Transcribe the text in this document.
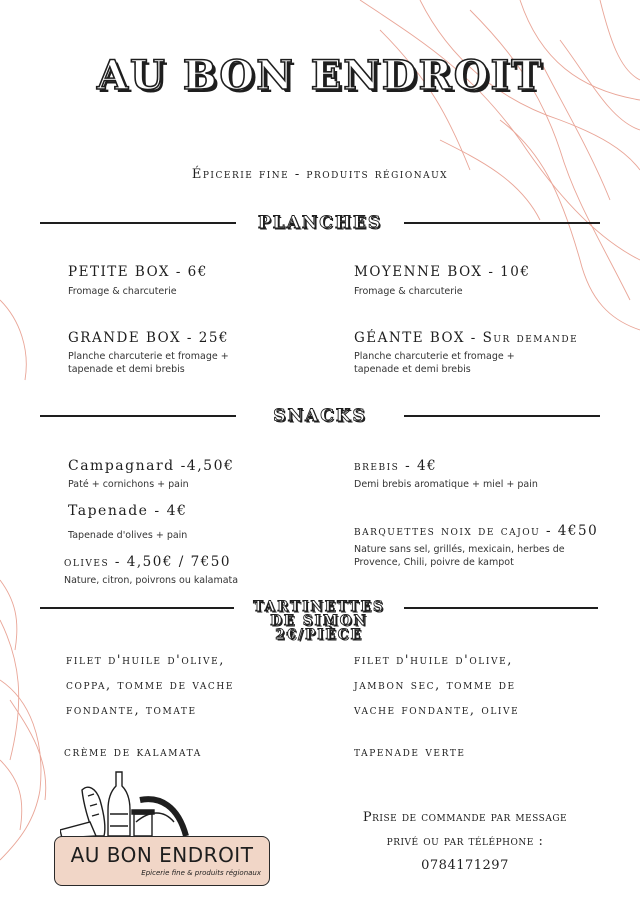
AU BON ENDROIT
Épicerie fine - produits régionaux
PLANCHES
PETITE BOX - 6€
Fromage & charcuterie
MOYENNE BOX - 10€
Fromage & charcuterie
GRANDE BOX - 25€
Planche charcuterie et fromage + tapenade et demi brebis
GÉANTE BOX - Sur demande
Planche charcuterie et fromage + tapenade et demi brebis
SNACKS
Campagnard -4,50€
Paté + cornichons + pain
Tapenade - 4€
Tapenade d'olives + pain
olives - 4,50€ / 7€50
Nature, citron, poivrons ou kalamata
brebis - 4€
Demi brebis aromatique + miel + pain
barquettes noix de cajou - 4€50
Nature sans sel, grillés, mexicain, herbes de Provence, Chili, poivre de kampot
TARTINETTES
DE SIMON
2€/PIÈCE
filet d'huile d'olive,
coppa, tomme de vache
fondante, tomate
filet d'huile d'olive,
jambon sec, tomme de
vache fondante, olive
crème de kalamata	tapenade verte
Prise de commande par message
privé ou par téléphone :
0784171297
AU BON ENDROIT
Epicerie fine & produits régionaux
